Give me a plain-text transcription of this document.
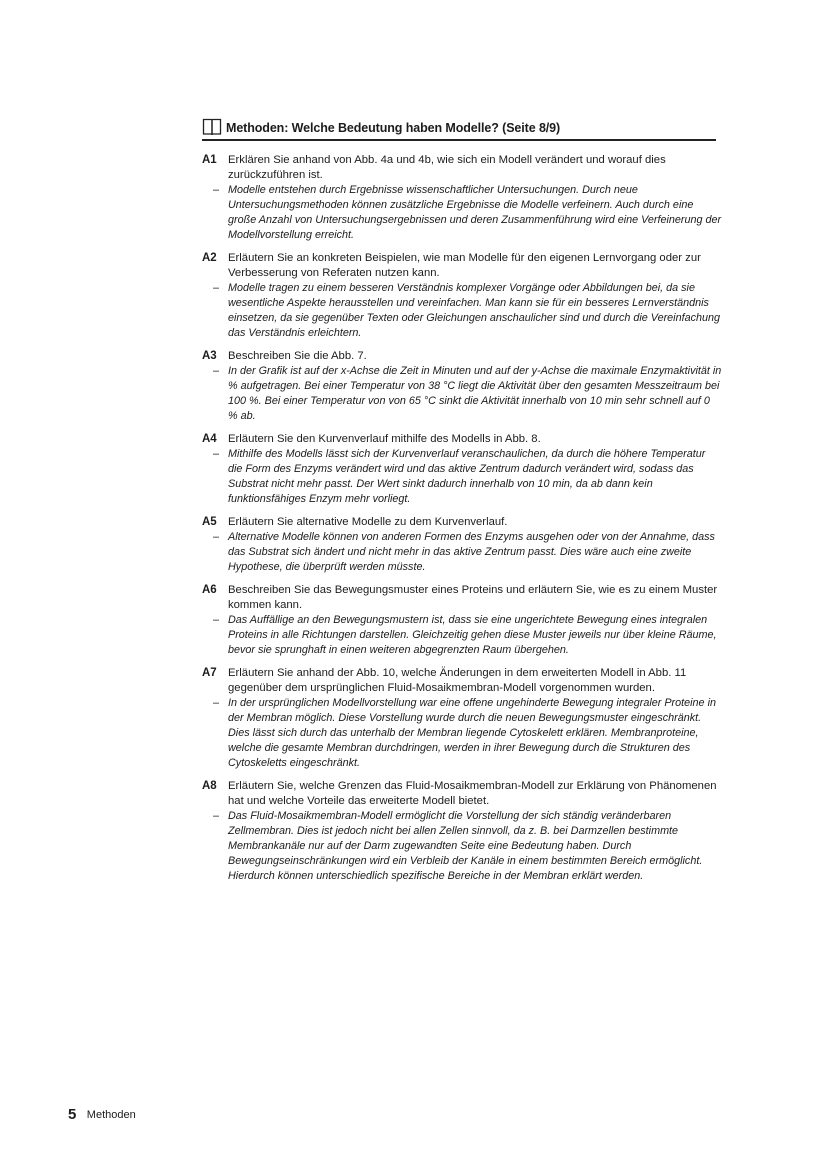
Methoden: Welche Bedeutung haben Modelle? (Seite 8/9)
A1 Erklären Sie anhand von Abb. 4a und 4b, wie sich ein Modell verändert und worauf dies zurückzuführen ist.
– Modelle entstehen durch Ergebnisse wissenschaftlicher Untersuchungen. Durch neue Untersuchungsmethoden können zusätzliche Ergebnisse die Modelle verfeinern. Auch durch eine große Anzahl von Untersuchungsergebnissen und deren Zusammenführung wird eine Verfeinerung der Modellvorstellung erreicht.
A2 Erläutern Sie an konkreten Beispielen, wie man Modelle für den eigenen Lernvorgang oder zur Verbesserung von Referaten nutzen kann.
– Modelle tragen zu einem besseren Verständnis komplexer Vorgänge oder Abbildungen bei, da sie wesentliche Aspekte herausstellen und vereinfachen. Man kann sie für ein besseres Lernverständnis einsetzen, da sie gegenüber Texten oder Gleichungen anschaulicher sind und durch die Vereinfachung das Verständnis erleichtern.
A3 Beschreiben Sie die Abb. 7.
– In der Grafik ist auf der x-Achse die Zeit in Minuten und auf der y-Achse die maximale Enzymaktivität in % aufgetragen. Bei einer Temperatur von 38 °C liegt die Aktivität über den gesamten Messzeitraum bei 100 %. Bei einer Temperatur von von 65 °C sinkt die Aktivität innerhalb von 10 min sehr schnell auf 0 % ab.
A4 Erläutern Sie den Kurvenverlauf mithilfe des Modells in Abb. 8.
– Mithilfe des Modells lässt sich der Kurvenverlauf veranschaulichen, da durch die höhere Temperatur die Form des Enzyms verändert wird und das aktive Zentrum dadurch verändert wird, sodass das Substrat nicht mehr passt. Der Wert sinkt dadurch innerhalb von 10 min, da ab dann kein funktionsfähiges Enzym mehr vorliegt.
A5 Erläutern Sie alternative Modelle zu dem Kurvenverlauf.
– Alternative Modelle können von anderen Formen des Enzyms ausgehen oder von der Annahme, dass das Substrat sich ändert und nicht mehr in das aktive Zentrum passt. Dies wäre auch eine zweite Hypothese, die überprüft werden müsste.
A6 Beschreiben Sie das Bewegungsmuster eines Proteins und erläutern Sie, wie es zu einem Muster kommen kann.
– Das Auffällige an den Bewegungsmustern ist, dass sie eine ungerichtete Bewegung eines integralen Proteins in alle Richtungen darstellen. Gleichzeitig gehen diese Muster jeweils nur über kleine Räume, bevor sie sprunghaft in einen weiteren abgegrenzten Raum übergehen.
A7 Erläutern Sie anhand der Abb. 10, welche Änderungen in dem erweiterten Modell in Abb. 11 gegenüber dem ursprünglichen Fluid-Mosaikmembran-Modell vorgenommen wurden.
– In der ursprünglichen Modellvorstellung war eine offene ungehinderte Bewegung integraler Proteine in der Membran möglich. Diese Vorstellung wurde durch die neuen Bewegungsmuster eingeschränkt. Dies lässt sich durch das unterhalb der Membran liegende Cytoskelett erklären. Membranproteine, welche die gesamte Membran durchdringen, werden in ihrer Bewegung durch die Strukturen des Cytoskeletts eingeschränkt.
A8 Erläutern Sie, welche Grenzen das Fluid-Mosaikmembran-Modell zur Erklärung von Phänomenen hat und welche Vorteile das erweiterte Modell bietet.
– Das Fluid-Mosaikmembran-Modell ermöglicht die Vorstellung der sich ständig veränderbaren Zellmembran. Dies ist jedoch nicht bei allen Zellen sinnvoll, da z. B. bei Darmzellen bestimmte Membrankanäle nur auf der Darm zugewandten Seite eine Bedeutung haben. Durch Bewegungseinschränkungen wird ein Verbleib der Kanäle in einem bestimmten Bereich ermöglicht. Hierdurch können unterschiedlich spezifische Bereiche in der Membran erklärt werden.
5 Methoden
